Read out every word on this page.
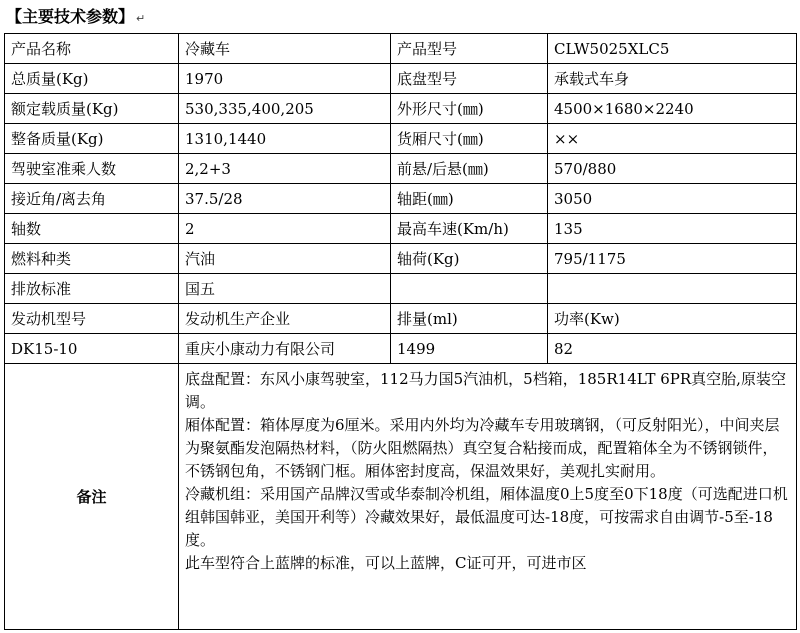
【主要技术参数】 ↵
产品名称	冷藏车	产品型号	CLW5025XLC5
总质量(Kg)	1970	底盘型号	承载式车身
额定载质量(Kg)	530,335,400,205	外形尺寸(㎜)	4500×1680×2240
整备质量(Kg)	1310,1440	货厢尺寸(㎜)	××
驾驶室准乘人数	2,2+3	前悬/后悬(㎜)	570/880
接近角/离去角	37.5/28	轴距(㎜)	3050
轴数	2	最高车速(Km/h)	135
燃料种类	汽油	轴荷(Kg)	795/1175
排放标准	国五		
发动机型号	发动机生产企业	排量(ml)	功率(Kw)
DK15-10	重庆小康动力有限公司	1499	82
备注	底盘配置：东风小康驾驶室，112马力国5汽油机，5档箱，185R14LT 6PR真空胎,原装空调。
厢体配置：箱体厚度为6厘米。采用内外均为冷藏车专用玻璃钢，（可反射阳光），中间夹层为聚氨酯发泡隔热材料，（防火阻燃隔热）真空复合粘接而成，配置箱体全为不锈钢锁件，不锈钢包角，不锈钢门框。厢体密封度高，保温效果好，美观扎实耐用。
冷藏机组：采用国产品牌汉雪或华泰制冷机组，厢体温度0上5度至0下18度（可选配进口机组韩国韩亚，美国开利等）冷藏效果好，最低温度可达-18度，可按需求自由调节-5至-18度。
此车型符合上蓝牌的标准，可以上蓝牌，C证可开，可进市区		
